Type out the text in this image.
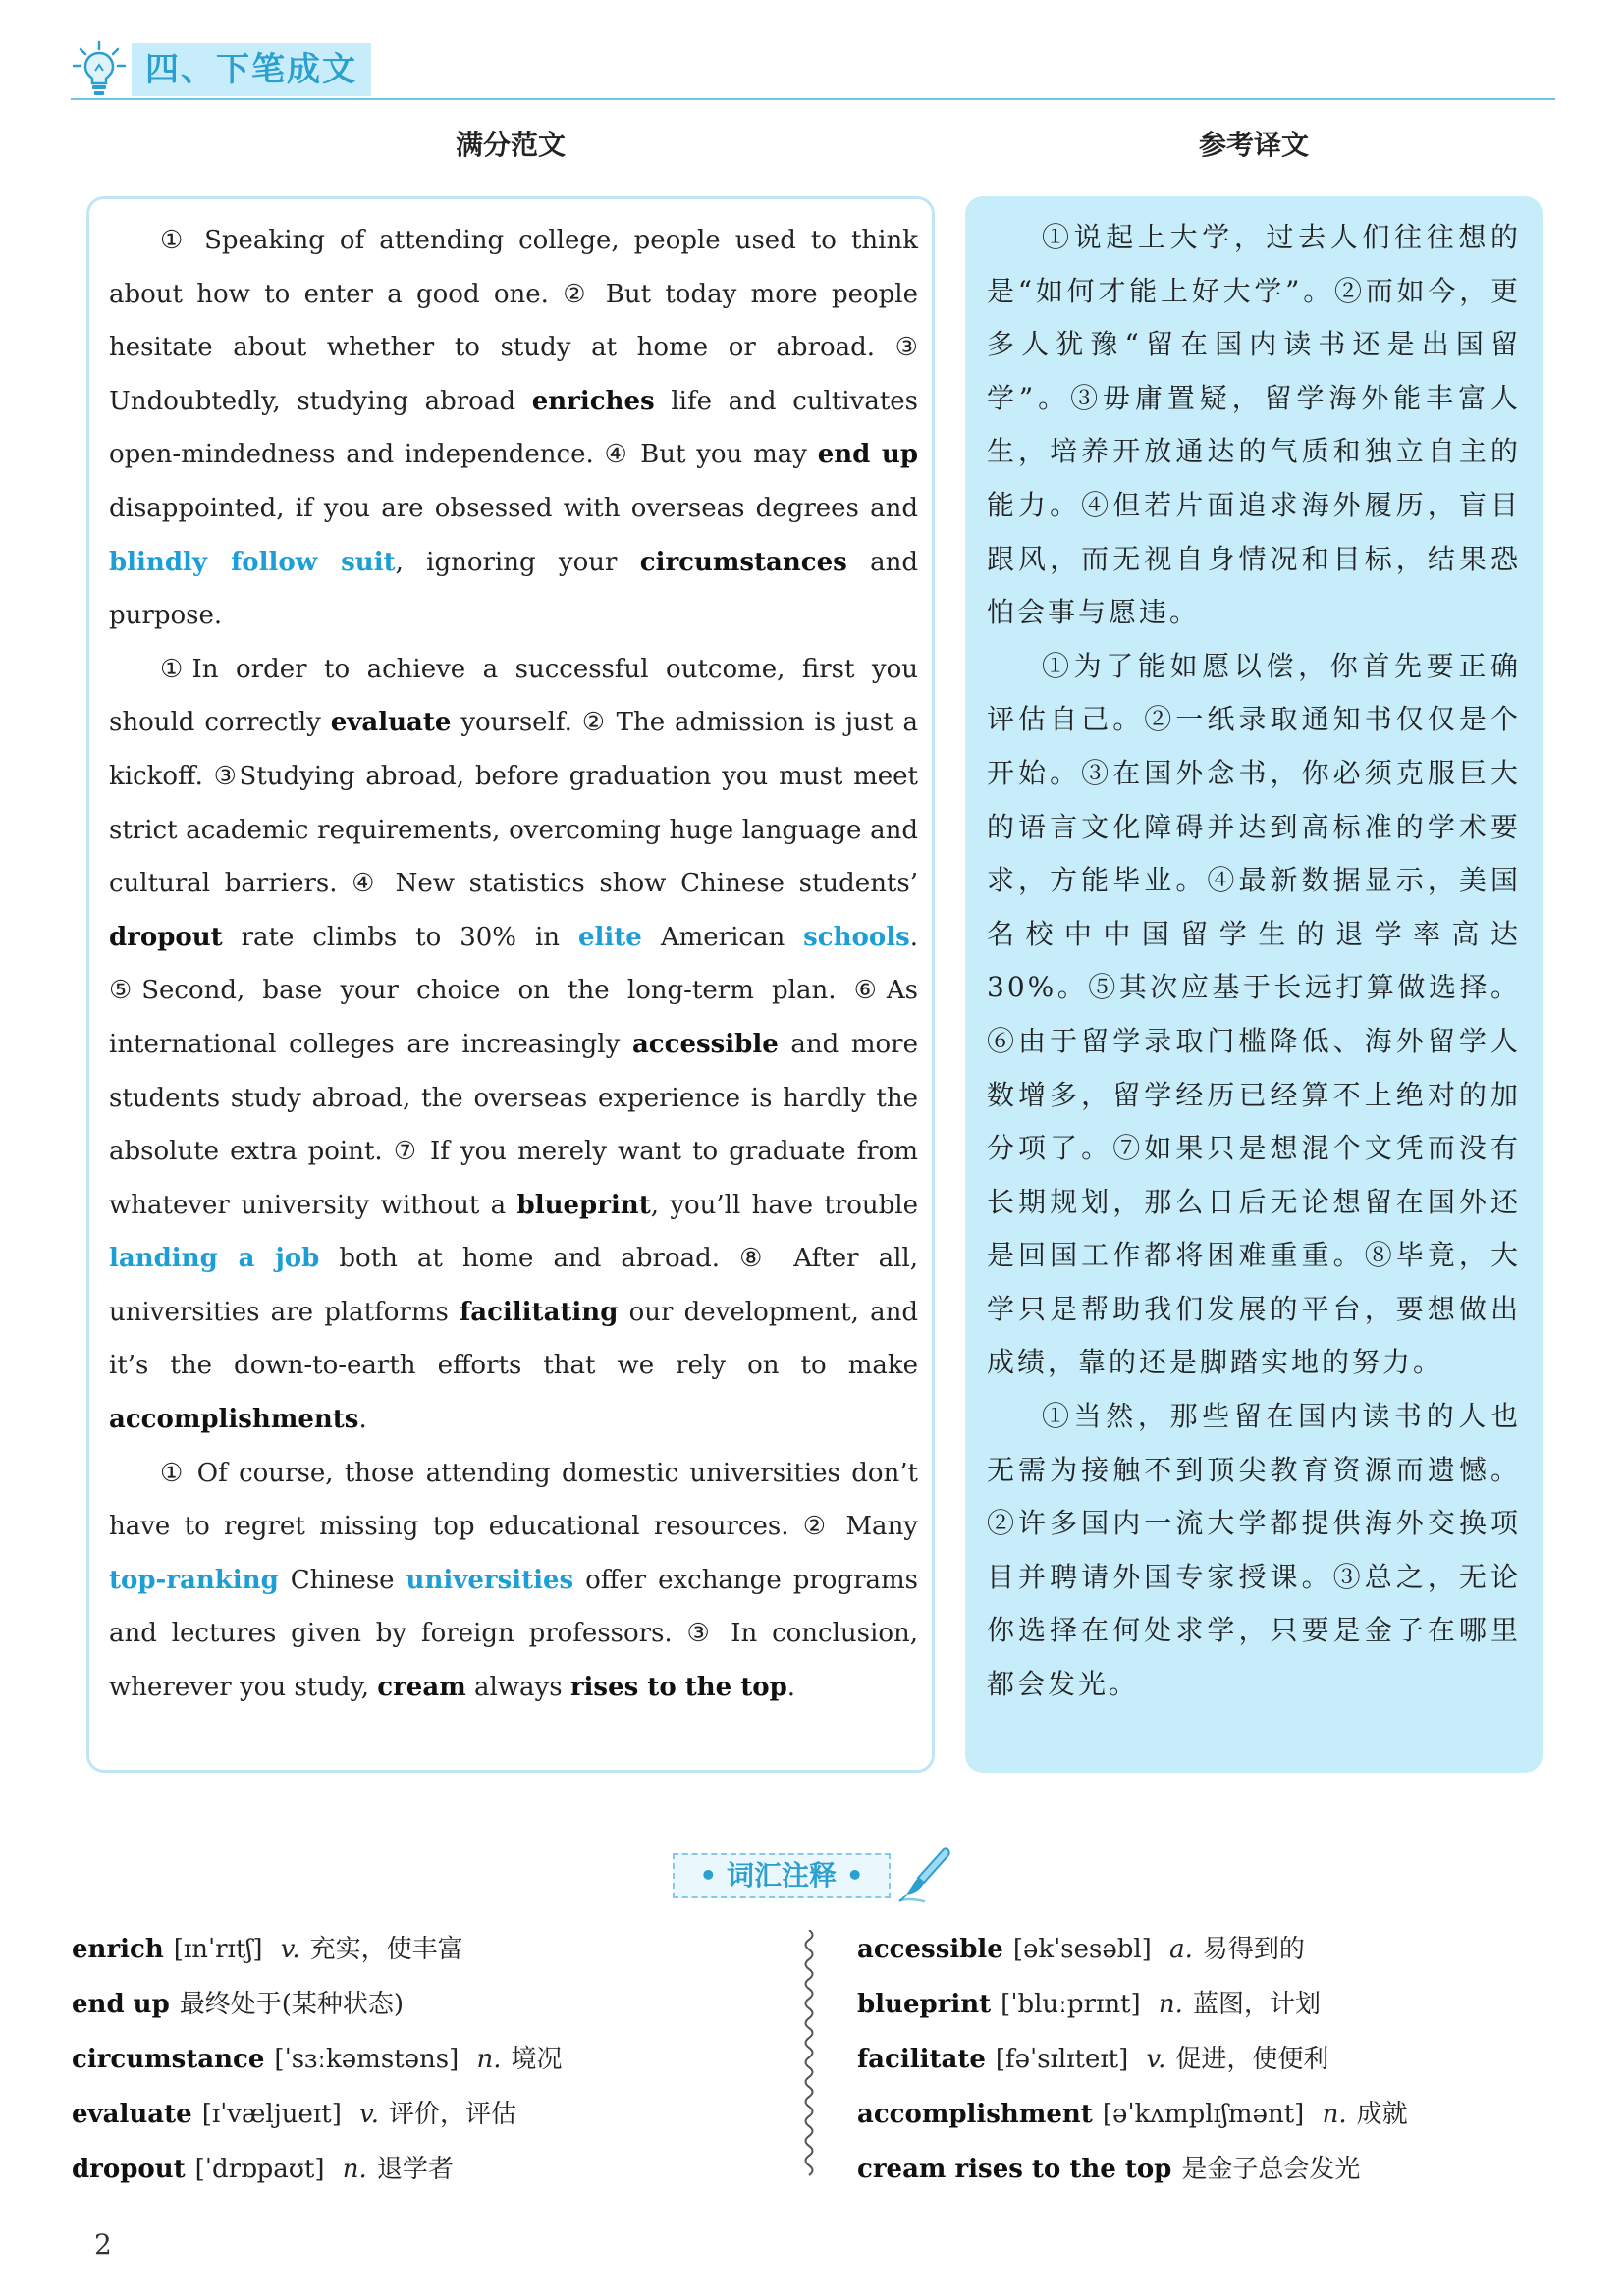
四、下笔成文
满分范文	参考译文

① Speaking of attending college, people used to think about how to enter a good one. ② But today more people hesitate about whether to study at home or abroad. ③ Undoubtedly, studying abroad enriches life and cultivates open-mindedness and independence. ④ But you may end up disappointed, if you are obsessed with overseas degrees and blindly follow suit, ignoring your circumstances and purpose.

①In order to achieve a successful outcome, first you should correctly evaluate yourself. ② The admission is just a kickoff. ③Studying abroad, before graduation you must meet strict academic requirements, overcoming huge language and cultural barriers. ④ New statistics show Chinese students’ dropout rate climbs to 30% in elite American schools. ⑤Second, base your choice on the long-term plan. ⑥As international colleges are increasingly accessible and more students study abroad, the overseas experience is hardly the absolute extra point. ⑦ If you merely want to graduate from whatever university without a blueprint, you’ll have trouble landing a job both at home and abroad. ⑧ After all, universities are platforms facilitating our development, and it’s the down-to-earth efforts that we rely on to make accomplishments.

① Of course, those attending domestic universities don’t have to regret missing top educational resources. ② Many top-ranking Chinese universities offer exchange programs and lectures given by foreign professors. ③ In conclusion, wherever you study, cream always rises to the top.

①说起上大学，过去人们往往想的是“如何才能上好大学”。②而如今，更多人犹豫“留在国内读书还是出国留学”。③毋庸置疑，留学海外能丰富人生，培养开放通达的气质和独立自主的能力。④但若片面追求海外履历，盲目跟风，而无视自身情况和目标，结果恐怕会事与愿违。

①为了能如愿以偿，你首先要正确评估自己。②一纸录取通知书仅仅是个开始。③在国外念书，你必须克服巨大的语言文化障碍并达到高标准的学术要求，方能毕业。④最新数据显示，美国名校中中国留学生的退学率高达 30%。⑤其次应基于长远打算做选择。⑥由于留学录取门槛降低、海外留学人数增多，留学经历已经算不上绝对的加分项了。⑦如果只是想混个文凭而没有长期规划，那么日后无论想留在国外还是回国工作都将困难重重。⑧毕竟，大学只是帮助我们发展的平台，要想做出成绩，靠的还是脚踏实地的努力。

①当然，那些留在国内读书的人也无需为接触不到顶尖教育资源而遗憾。②许多国内一流大学都提供海外交换项目并聘请外国专家授课。③总之，无论你选择在何处求学，只要是金子在哪里都会发光。

• 词汇注释 •
enrich [ɪnˈrɪtʃ] v. 充实，使丰富
end up 最终处于(某种状态)
circumstance [ˈsɜːkəmstəns] n. 境况
evaluate [ɪˈvæljueɪt] v. 评价，评估
dropout [ˈdrɒpaʊt] n. 退学者
accessible [əkˈsesəbl] a. 易得到的
blueprint [ˈbluːprɪnt] n. 蓝图，计划
facilitate [fəˈsɪlɪteɪt] v. 促进，使便利
accomplishment [əˈkʌmplɪʃmənt] n. 成就
cream rises to the top 是金子总会发光
2
